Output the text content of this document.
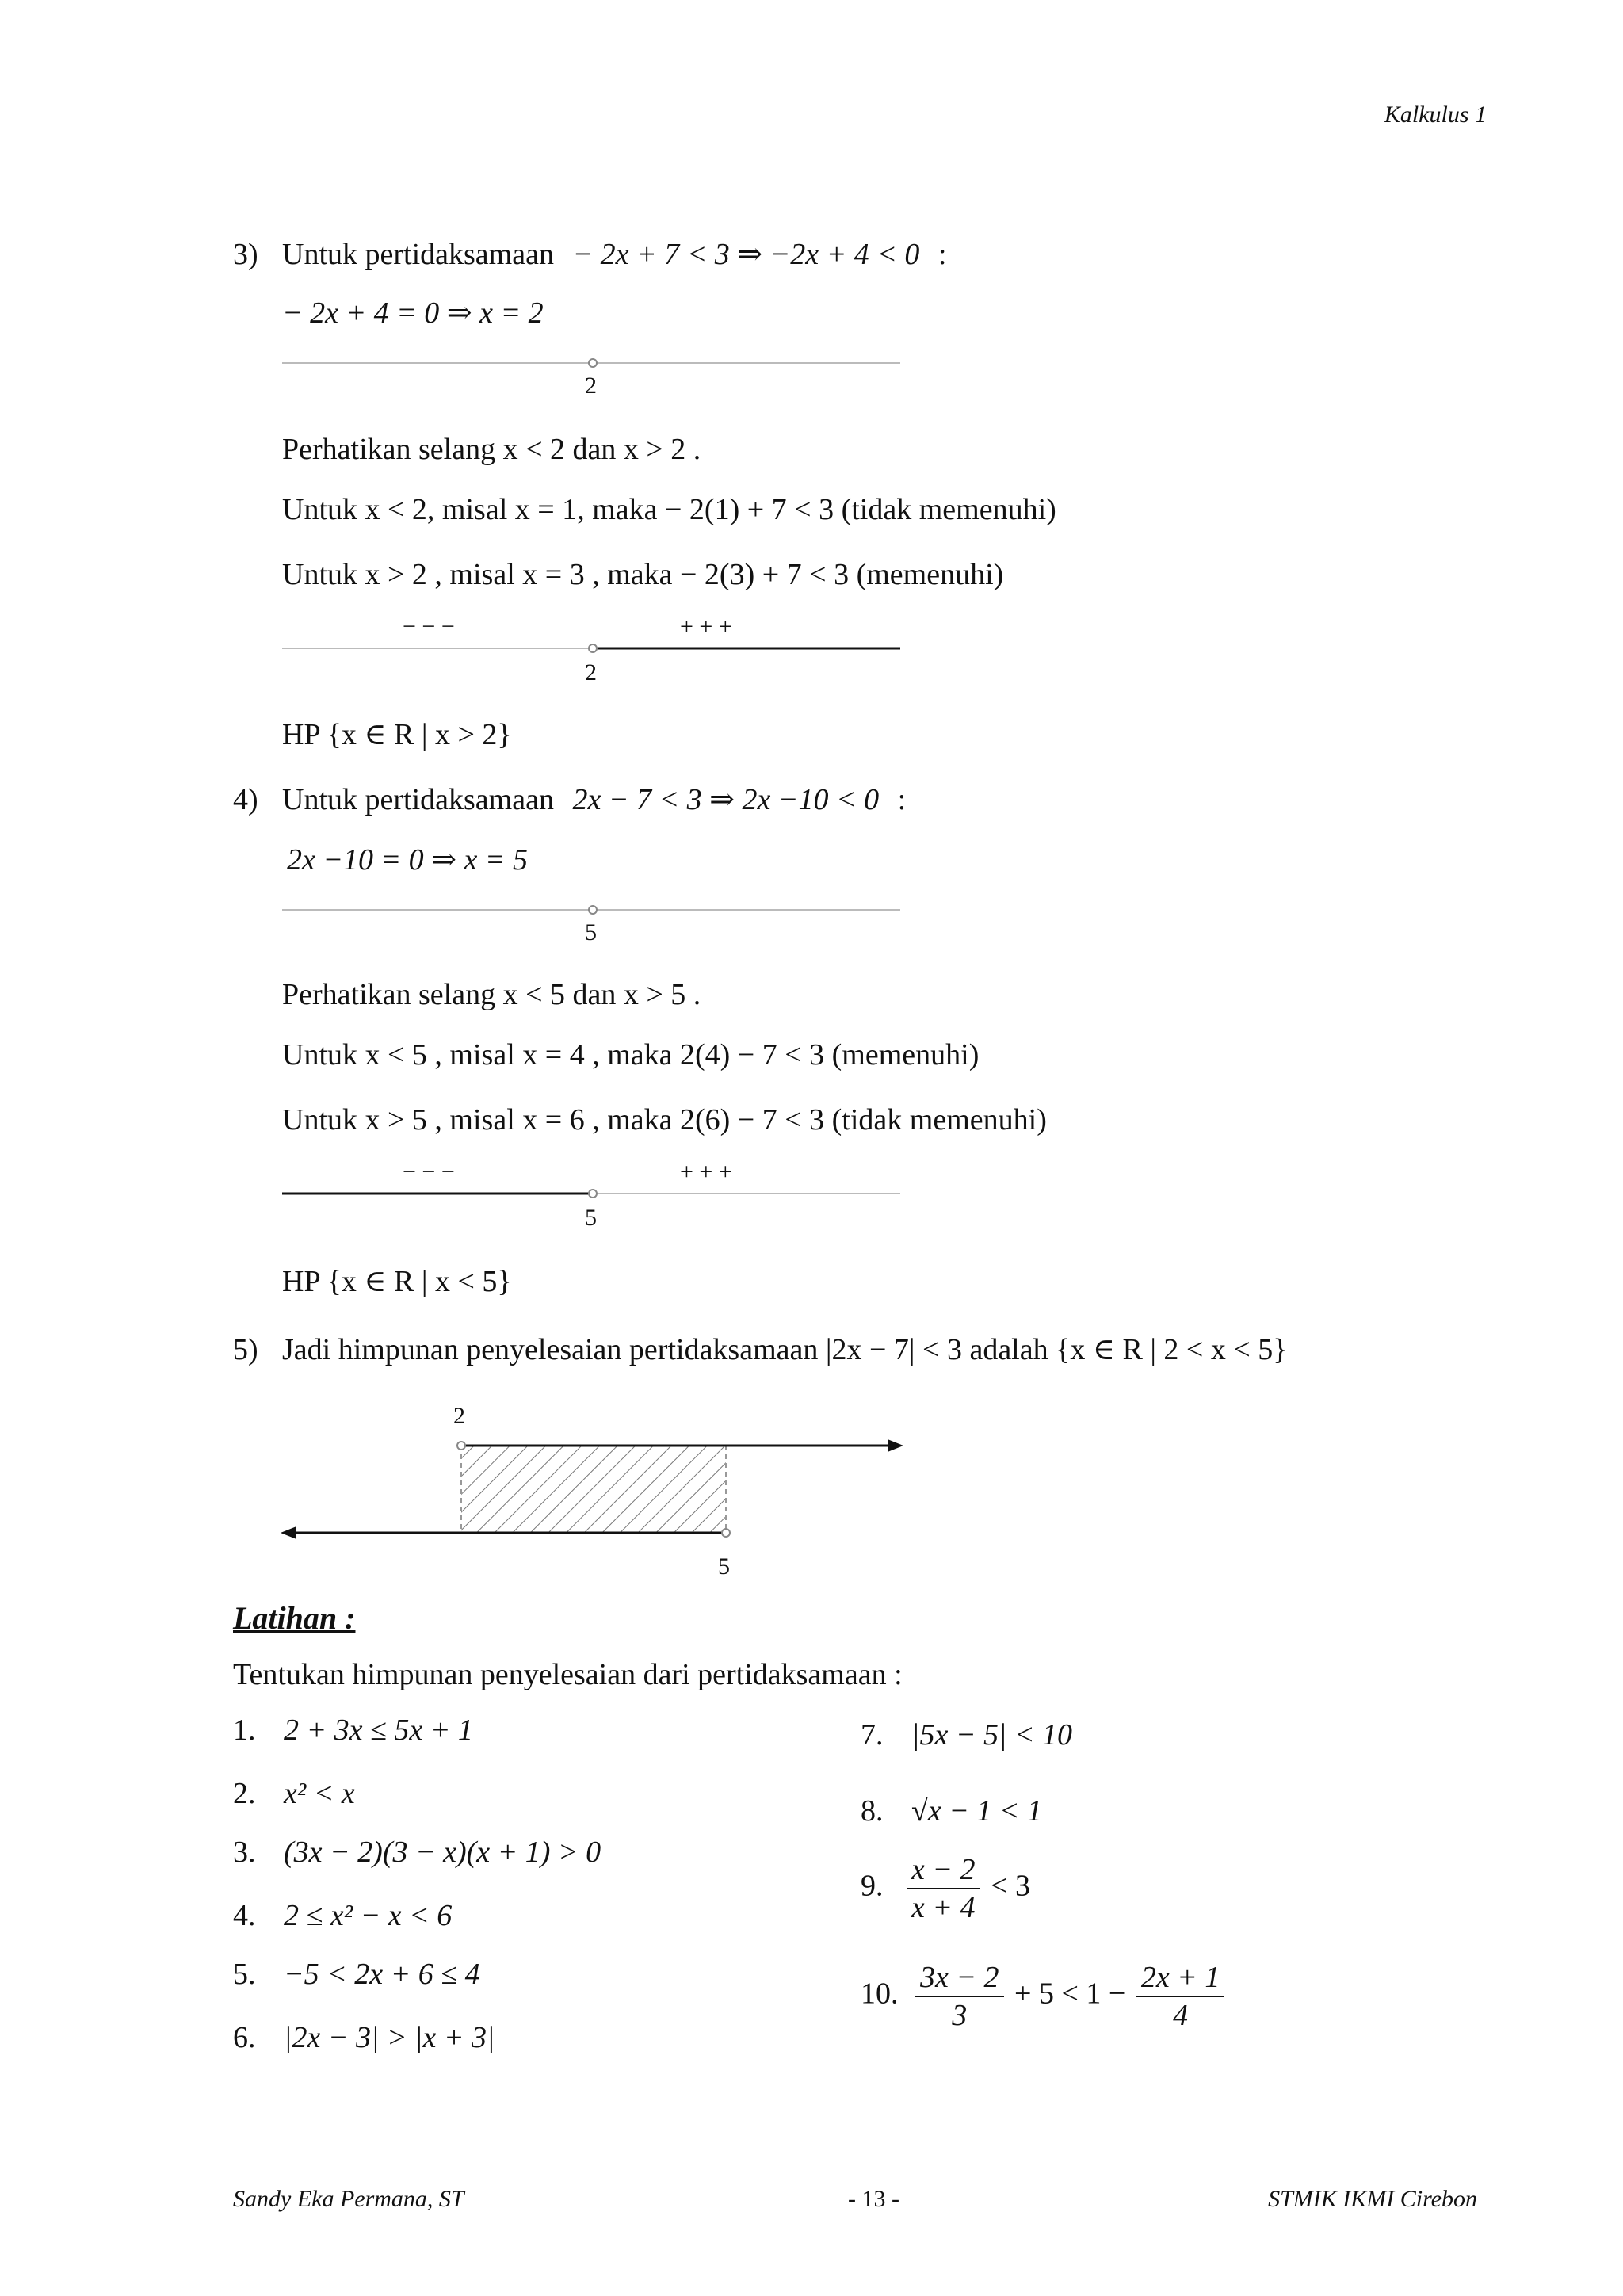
Kalkulus 1
3) Untuk pertidaksamaan − 2x + 7 < 3 ⇒ −2x + 4 < 0 :
− 2x + 4 = 0 ⇒ x = 2
2
Perhatikan selang x < 2 dan x > 2 .
Untuk x < 2, misal x = 1, maka − 2(1) + 7 < 3 (tidak memenuhi)
Untuk x > 2 , misal x = 3 , maka − 2(3) + 7 < 3 (memenuhi)
− − −	+ + +
2
HP {x ∈ R | x > 2}
4) Untuk pertidaksamaan 2x − 7 < 3 ⇒ 2x −10 < 0 :
2x −10 = 0 ⇒ x = 5
5
Perhatikan selang x < 5 dan x > 5 .
Untuk x < 5 , misal x = 4 , maka 2(4) − 7 < 3 (memenuhi)
Untuk x > 5 , misal x = 6 , maka 2(6) − 7 < 3 (tidak memenuhi)
− − −	+ + +
5
HP {x ∈ R | x < 5}
5) Jadi himpunan penyelesaian pertidaksamaan |2x − 7| < 3 adalah {x ∈ R | 2 < x < 5}
2
5
Latihan :
Tentukan himpunan penyelesaian dari pertidaksamaan :
1. 2 + 3x ≤ 5x + 1
2. x² < x
3. (3x − 2)(3 − x)(x + 1) > 0
4. 2 ≤ x² − x < 6
5. −5 < 2x + 6 ≤ 4
6. |2x − 3| > |x + 3|
7. |5x − 5| < 10
8. √x − 1 < 1
9. $\frac{x - 2}{x + 4} < 3$
10. $\frac{3x - 2}{3} + 5 < 1 - \frac{2x + 1}{4}$
Sandy Eka Permana, ST	- 13 -	STMIK IKMI Cirebon
